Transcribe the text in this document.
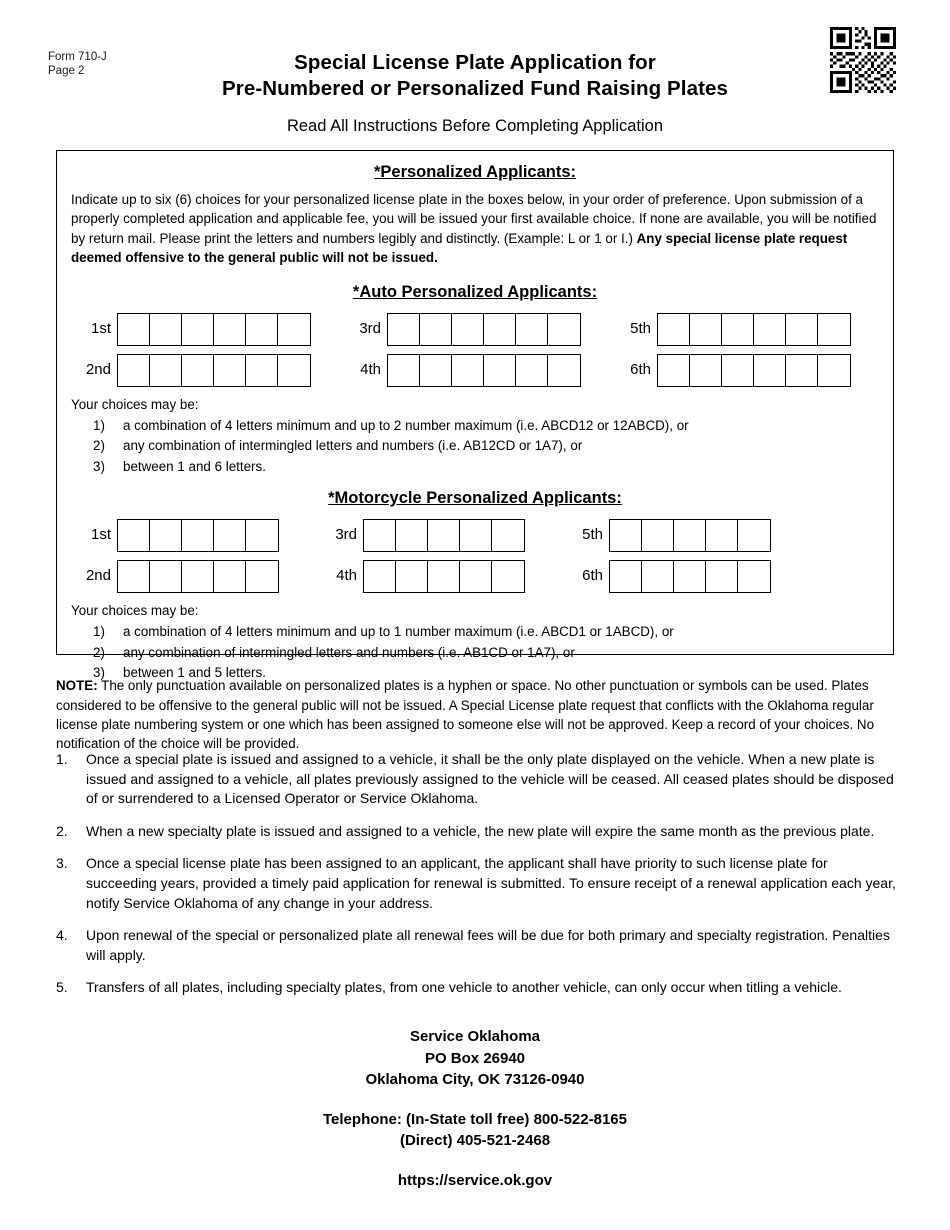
Form 710-J
Page 2	Special License Plate Application for
Pre-Numbered or Personalized Fund Raising Plates
Read All Instructions Before Completing Application
*Personalized Applicants:

Indicate up to six (6) choices for your personalized license plate in the boxes below, in your order of preference. Upon submission of a properly completed application and applicable fee, you will be issued your first available choice. If none are available, you will be notified by return mail. Please print the letters and numbers legibly and distinctly. (Example: L or 1 or I.) Any special license plate request deemed offensive to the general public will not be issued.

*Auto Personalized Applicants:
1st	3rd	5th
2nd	4th	6th
Your choices may be:
1)	a combination of 4 letters minimum and up to 2 number maximum (i.e. ABCD12 or 12ABCD), or
2)	any combination of intermingled letters and numbers (i.e. AB12CD or 1A7), or
3)	between 1 and 6 letters.
*Motorcycle Personalized Applicants:
1st	3rd	5th
2nd	4th	6th
Your choices may be:
1)	a combination of 4 letters minimum and up to 1 number maximum (i.e. ABCD1 or 1ABCD), or
2)	any combination of intermingled letters and numbers (i.e. AB1CD or 1A7), or
3)	between 1 and 5 letters.

NOTE: The only punctuation available on personalized plates is a hyphen or space. No other punctuation or symbols can be used. Plates considered to be offensive to the general public will not be issued. A Special License plate request that conflicts with the Oklahoma regular license plate numbering system or one which has been assigned to someone else will not be approved. Keep a record of your choices. No notification of the choice will be provided.

1.	Once a special plate is issued and assigned to a vehicle, it shall be the only plate displayed on the vehicle. When a new plate is issued and assigned to a vehicle, all plates previously assigned to the vehicle will be ceased. All ceased plates should be disposed of or surrendered to a Licensed Operator or Service Oklahoma.
2.	When a new specialty plate is issued and assigned to a vehicle, the new plate will expire the same month as the previous plate.
3.	Once a special license plate has been assigned to an applicant, the applicant shall have priority to such license plate for succeeding years, provided a timely paid application for renewal is submitted. To ensure receipt of a renewal application each year, notify Service Oklahoma of any change in your address.
4.	Upon renewal of the special or personalized plate all renewal fees will be due for both primary and specialty registration. Penalties will apply.
5.	Transfers of all plates, including specialty plates, from one vehicle to another vehicle, can only occur when titling a vehicle.
Service Oklahoma
PO Box 26940
Oklahoma City, OK 73126-0940
Telephone: (In-State toll free) 800-522-8165
(Direct) 405-521-2468
https://service.ok.gov
